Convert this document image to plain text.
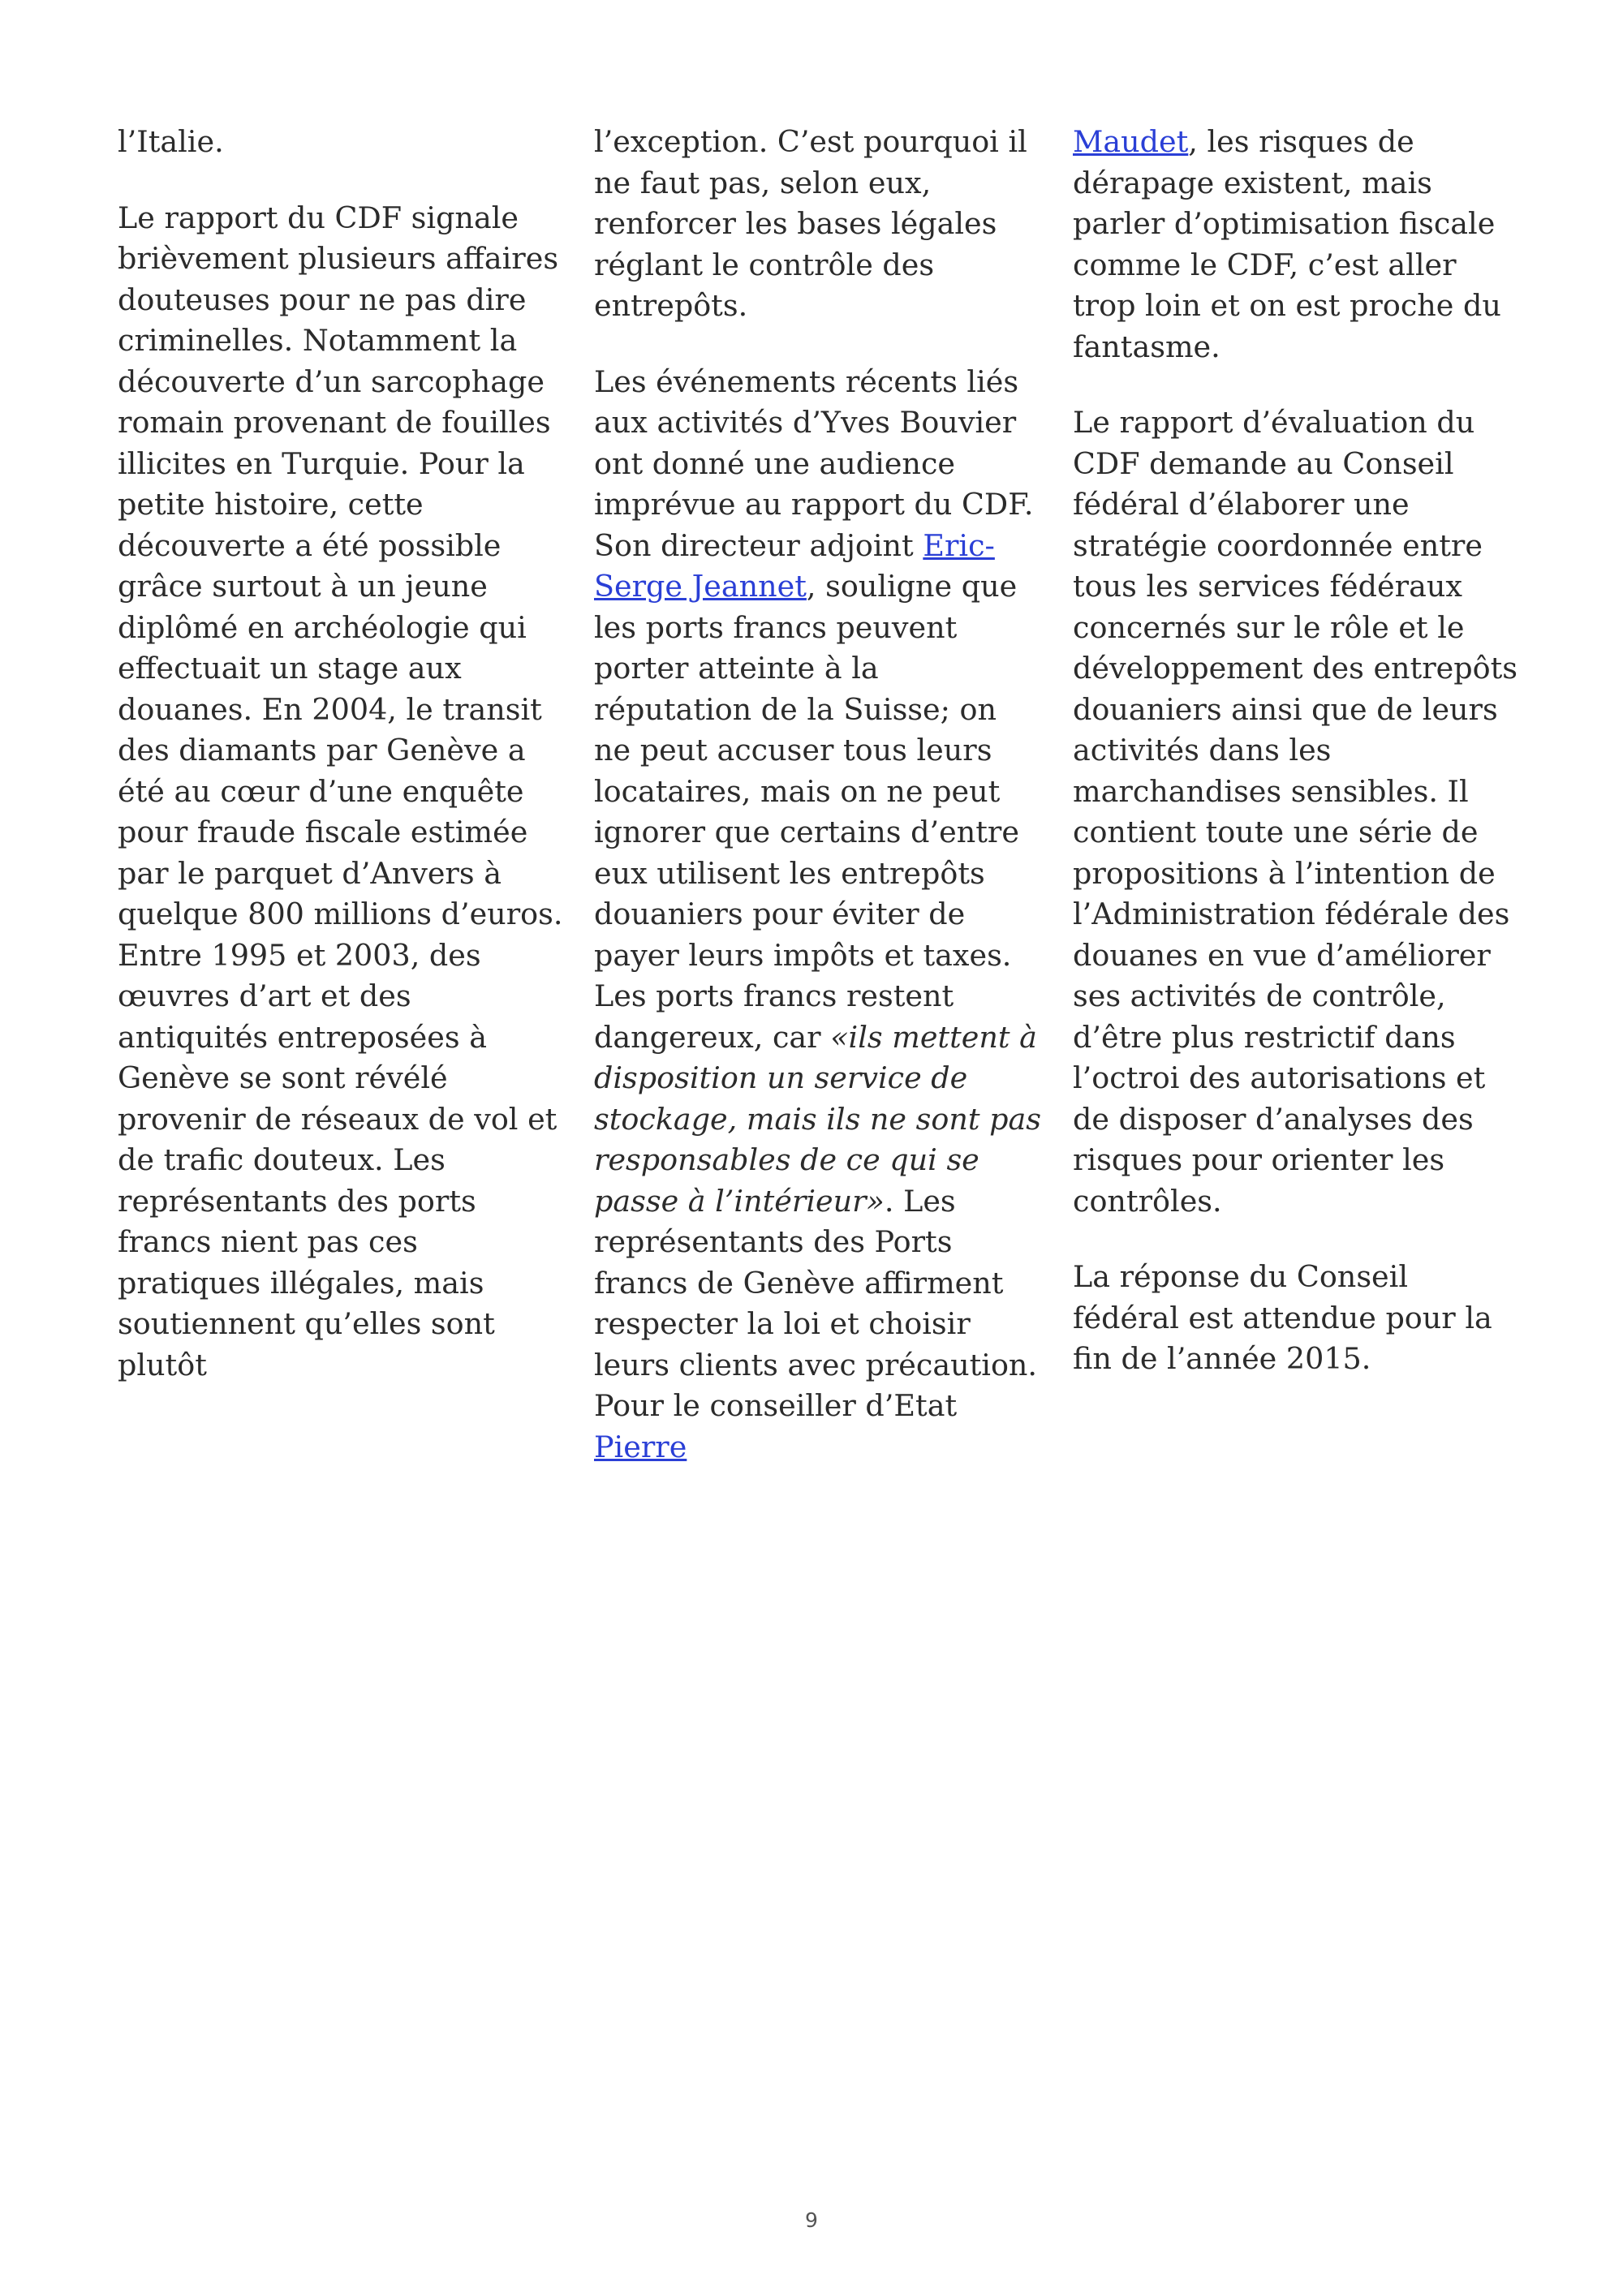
l’Italie.

Le rapport du CDF signale brièvement plusieurs affaires douteuses pour ne pas dire criminelles. Notamment la découverte d’un sarcophage romain provenant de fouilles illicites en Turquie. Pour la petite histoire, cette découverte a été possible grâce surtout à un jeune diplômé en archéologie qui effectuait un stage aux douanes. En 2004, le transit des diamants par Genève a été au cœur d’une enquête pour fraude fiscale estimée par le parquet d’Anvers à quelque 800 millions d’euros. Entre 1995 et 2003, des œuvres d’art et des antiquités entreposées à Genève se sont révélé provenir de réseaux de vol et de trafic douteux. Les représentants des ports francs nient pas ces pratiques illégales, mais soutiennent qu’elles sont plutôt

l’exception. C’est pourquoi il ne faut pas, selon eux, renforcer les bases légales réglant le contrôle des entrepôts.

Les événements récents liés aux activités d’Yves Bouvier ont donné une audience imprévue au rapport du CDF. Son directeur adjoint Eric-Serge Jeannet, souligne que les ports francs peuvent porter atteinte à la réputation de la Suisse; on ne peut accuser tous leurs locataires, mais on ne peut ignorer que certains d’entre eux utilisent les entrepôts douaniers pour éviter de payer leurs impôts et taxes. Les ports francs restent dangereux, car «ils mettent à disposition un service de stockage, mais ils ne sont pas responsables de ce qui se passe à l’intérieur». Les représentants des Ports francs de Genève affirment respecter la loi et choisir leurs clients avec précaution. Pour le conseiller d’Etat Pierre

Maudet, les risques de dérapage existent, mais parler d’optimisation fiscale comme le CDF, c’est aller trop loin et on est proche du fantasme.

Le rapport d’évaluation du CDF demande au Conseil fédéral d’élaborer une stratégie coordonnée entre tous les services fédéraux concernés sur le rôle et le développement des entrepôts douaniers ainsi que de leurs activités dans les marchandises sensibles. Il contient toute une série de propositions à l’intention de l’Administration fédérale des douanes en vue d’améliorer ses activités de contrôle, d’être plus restrictif dans l’octroi des autorisations et de disposer d’analyses des risques pour orienter les contrôles.

La réponse du Conseil fédéral est attendue pour la fin de l’année 2015.

9
